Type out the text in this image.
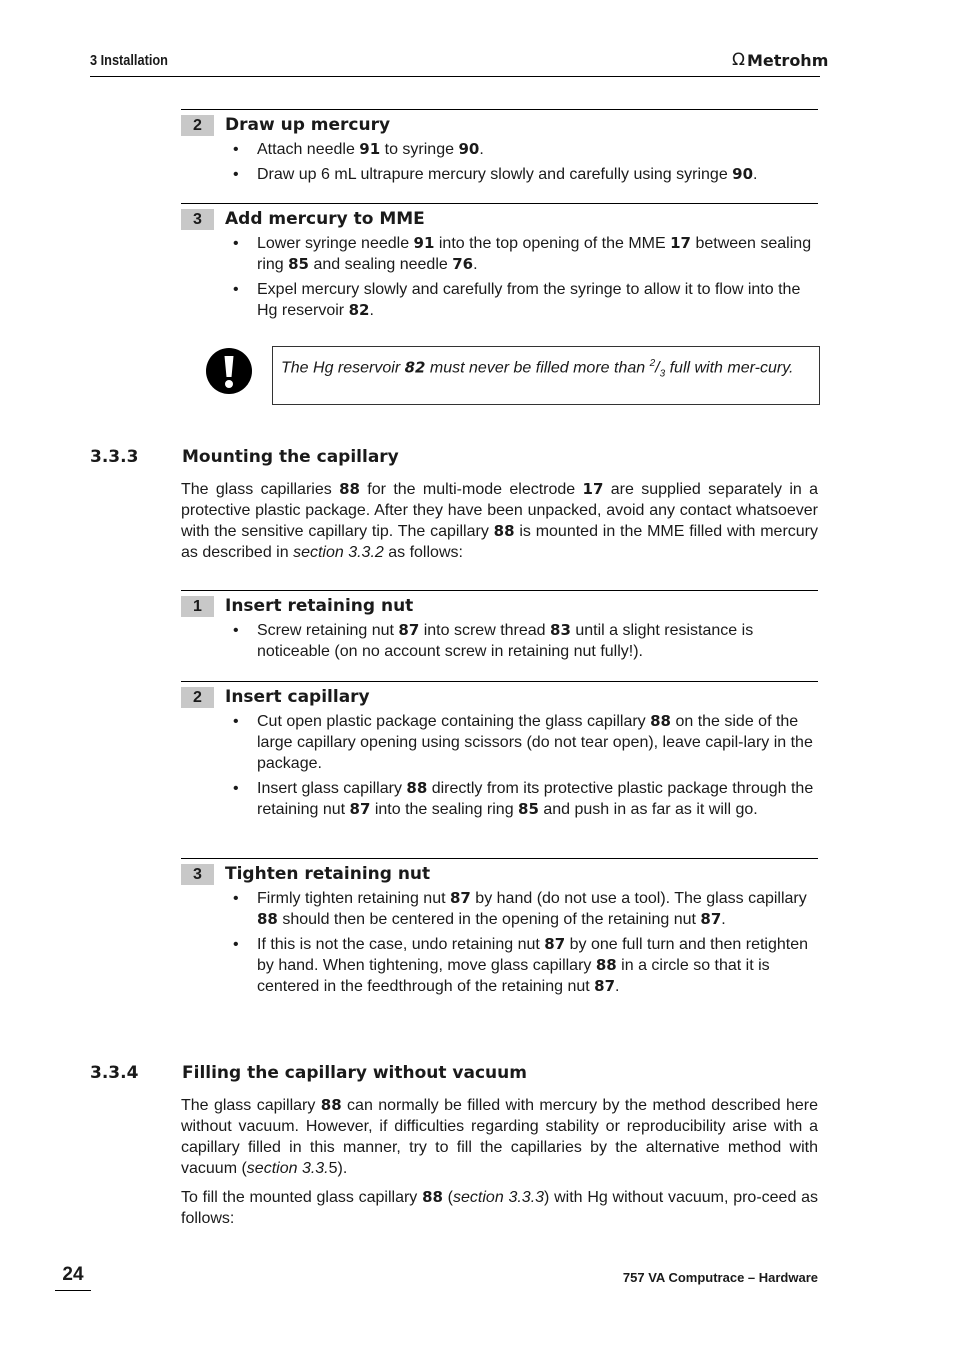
3 Installation	Ω Metrohm
2	Draw up mercury
• Attach needle 91 to syringe 90.
• Draw up 6 mL ultrapure mercury slowly and carefully using syringe 90.
3	Add mercury to MME
• Lower syringe needle 91 into the top opening of the MME 17 between sealing ring 85 and sealing needle 76.
• Expel mercury slowly and carefully from the syringe to allow it to flow into the Hg reservoir 82.
The Hg reservoir 82 must never be filled more than $^2/_3$ full with mer-cury.
3.3.3	Mounting the capillary
The glass capillaries 88 for the multi-mode electrode 17 are supplied separately in a protective plastic package. After they have been unpacked, avoid any contact whatsoever with the sensitive capillary tip. The capillary 88 is mounted in the MME filled with mercury as described in section 3.3.2 as follows:
1	Insert retaining nut
• Screw retaining nut 87 into screw thread 83 until a slight resistance is noticeable (on no account screw in retaining nut fully!).
2	Insert capillary
• Cut open plastic package containing the glass capillary 88 on the side of the large capillary opening using scissors (do not tear open), leave capil-lary in the package.
• Insert glass capillary 88 directly from its protective plastic package through the retaining nut 87 into the sealing ring 85 and push in as far as it will go.
3	Tighten retaining nut
• Firmly tighten retaining nut 87 by hand (do not use a tool). The glass capillary 88 should then be centered in the opening of the retaining nut 87.
• If this is not the case, undo retaining nut 87 by one full turn and then retighten by hand. When tightening, move glass capillary 88 in a circle so that it is centered in the feedthrough of the retaining nut 87.
3.3.4	Filling the capillary without vacuum
The glass capillary 88 can normally be filled with mercury by the method described here without vacuum. However, if difficulties regarding stability or reproducibility arise with a capillary filled in this manner, try to fill the capillaries by the alternative method with vacuum (section 3.3.5).
To fill the mounted glass capillary 88 (section 3.3.3) with Hg without vacuum, pro-ceed as follows:
24	757 VA Computrace – Hardware
